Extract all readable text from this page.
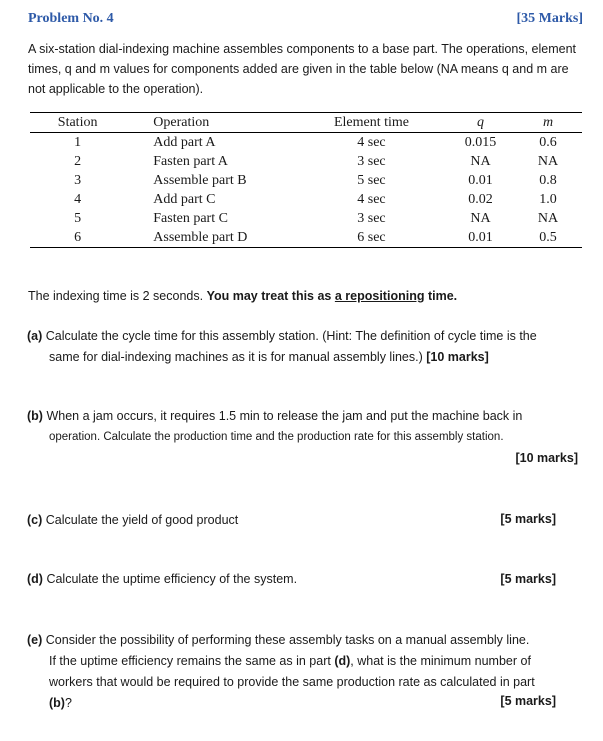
Problem No. 4	[35 Marks]
A six-station dial-indexing machine assembles components to a base part. The operations, element times, q and m values for components added are given in the table below (NA means q and m are not applicable to the operation).
Station	Operation	Element time	q	m
1	Add part A	4 sec	0.015	0.6
2	Fasten part A	3 sec	NA	NA
3	Assemble part B	5 sec	0.01	0.8
4	Add part C	4 sec	0.02	1.0
5	Fasten part C	3 sec	NA	NA
6	Assemble part D	6 sec	0.01	0.5
The indexing time is 2 seconds. You may treat this as a repositioning time.
(a) Calculate the cycle time for this assembly station. (Hint: The definition of cycle time is the
same for dial-indexing machines as it is for manual assembly lines.) [10 marks]
(b) When a jam occurs, it requires 1.5 min to release the jam and put the machine back in
operation. Calculate the production time and the production rate for this assembly station.
[10 marks]
(c) Calculate the yield of good product	[5 marks]
(d) Calculate the uptime efficiency of the system.	[5 marks]
(e) Consider the possibility of performing these assembly tasks on a manual assembly line.
If the uptime efficiency remains the same as in part (d), what is the minimum number of
workers that would be required to provide the same production rate as calculated in part
(b)?	[5 marks]
